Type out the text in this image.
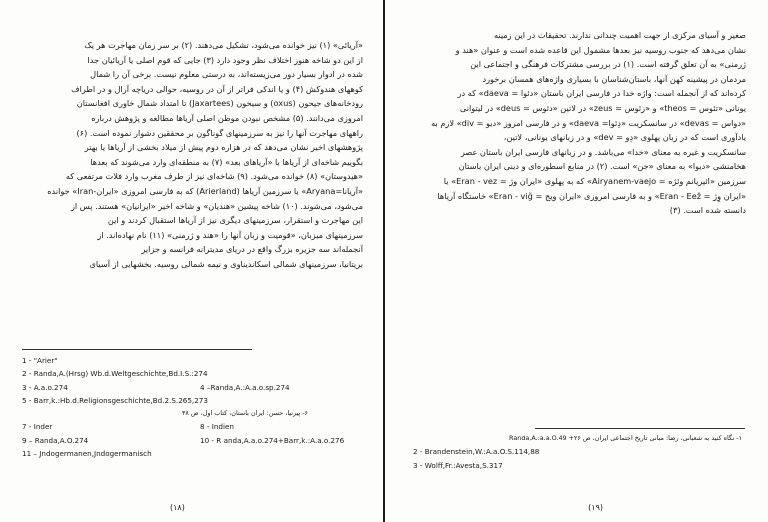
«آریائی» (۱) نیز خوانده می‌شود، تشکیل می‌دهند. (۲) بر سر زمان مهاجرت هر یک
از این دو شاخه هنوز اختلاف نظر وجود دارد (۳) جایی که قوم اصلی یا آریائیان جدا
شده در ادوار بسیار دور می‌زیسته‌اند، به درستی معلوم نیست. برخی آن را شمال
کوههای هندوکش (۴) و یا اندکی فراتر از آن در روسیه، حوالی دریاچه آرال و در اطراف
رودخانه‌های جیحون (oxus) و سیحون (Jaxartees) تا امتداد شمال خاوری افغانستان
امروزی می‌دانند. (۵) مشخص نبودن موطن اصلی آریاها مطالعه و پژوهش درباره
راههای مهاجرت آنها را نیز به سرزمینهای گوناگون بر محققین دشوار نموده است. (۶)
پژوهشهای اخیر نشان می‌دهد که در هزاره دوم پیش از میلاد بخشی از آریاها یا بهتر
بگوییم شاخه‌ای از آریاها با «آریاهای بعد» (۷) به منطقه‌ای وارد می‌شوند که بعدها
«هیدوستان» (۸) خوانده می‌شود. (۹) شاخه‌ای نیز از طرف مغرب وارد فلات مرتفعی که
«آریانا=Aryana» یا سرزمین آریاها (Arierland) که به فارسی امروزی «ایران-Iran» خوانده
می‌شود، می‌شوند. (۱۰) شاخه پیشین «هندیان» و شاخه اخیر «ایرانیان» هستند. پس از
این مهاجرت و استقرار، سرزمینهای دیگری نیز از آریاها استقبال کردند و این
سرزمینهای میزبان، «قومیت و زبان آنها را «هند و ژرمنی» (۱۱) نام نهاده‌اند. از
آنجمله‌اند سه جزیره بزرگ واقع در دریای مدیترانه فرانسه و جزایر
بریتانیا، سرزمینهای شمالی اسکاندیناوی و نیمه شمالی روسیه. بخشهایی از آسیای
1 - "Arier"
2 - Randa,A.(Hrsg) Wb.d.Weltgeschichte,Bd.I.S.:274
3 - A.a.o.274	4 –Randa,A.:A.a.o.sp.274
5 - Barr,k.:Hb.d.Religionsgeschichte,Bd.2.S.265,273
۶- پیرنیا، حسن: ایران باستان، کتاب اول، ص ۳۸
7 - Inder	8 - Indien
9 – Randa,A.O.274	10 - R anda,A.a.o.274+Barr,k.:A.a.o.276
11 – Jndogermanen,Jndogermanisch
(۱۸)
صغیر و آسیای مرکزی از جهت اهمیت چندانی ندارند. تحقیقات در این زمینه
نشان می‌دهد که جنوب روسیه نیز بعدها مشمول این قاعده شده است و عنوان «هند و
ژرمنی» به آن تعلق گرفته است. (۱) در بررسی مشترکات فرهنگی و اجتماعی این
مردمان در پیشینه کهن آنها، باستان‌شناسان با بسیاری واژه‌های همسان برخورد
کرده‌اند که از آنجمله است: واژه خدا در فارسی ایران باستان «دئوا = daeva» که در
یونانی «تئوس = theos» و «زئوس = zeus» در لاتین «دئوس = deus» در لیتوانی
«دواس = devas» در سانسکریت «دِئوا= daeva» و در فارسی امروز «دیو = div» لازم به
یادآوری است که در زبان پهلوی «دِو = dev» و در زبانهای یونانی، لاتین،
سانسکریت و غیره به معنای «خدا» می‌باشد. و در زبانهای فارسی ایران باستان عصر
هخامنشی «دیوا» به معنای «جن» است. (۲) در منابع اسطوره‌ای و دینی ایران باستان
سرزمین «ائیریانم وئژه = Airyanem-vaejo» که به پهلوی «ایران وژ = Eran - vez» یا
«ایران وِژ = Eran - Eež» و به فارسی امروزی «ایران ویج = Eran - viğ» خاستگاه آریاها
دانسته شده است. (۳)
۱- نگاه کنید به شعبانی، رضا: مبانی تاریخ اجتماعی ایران، ص ۲۶+ Randa,A.:a.a.O.49
2 - Brandenstein,W.:A.a.O.S.114,88
3 - Wolff,Fr.:Avesta,S.317
(۱۹)
